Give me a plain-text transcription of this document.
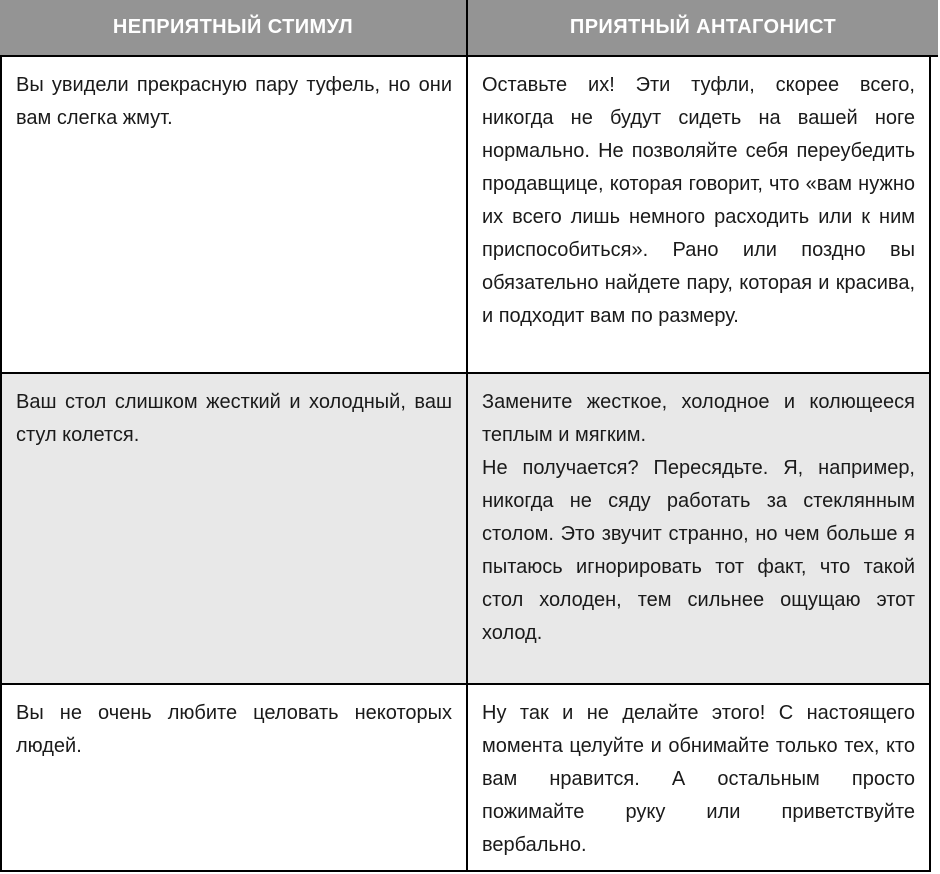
НЕПРИЯТНЫЙ СТИМУЛ	ПРИЯТНЫЙ АНТАГОНИСТ

Вы увидели прекрасную пару туфель, но они вам слегка жмут.

Оставьте их! Эти туфли, скорее всего, никогда не будут сидеть на вашей ноге нормально. Не позволяйте себя переубедить продавщице, которая говорит, что «вам нужно их всего лишь немного расходить или к ним приспособиться». Рано или поздно вы обязательно найдете пару, которая и красива, и подходит вам по размеру.

Ваш стол слишком жесткий и холодный, ваш стул колется.

Замените жесткое, холодное и колющееся теплым и мягким.

Не получается? Пересядьте. Я, например, никогда не сяду работать за стеклянным столом. Это звучит странно, но чем больше я пытаюсь игнорировать тот факт, что такой стол холоден, тем сильнее ощущаю этот холод.

Вы не очень любите целовать некоторых людей.

Ну так и не делайте этого! С настоящего момента целуйте и обнимайте только тех, кто вам нравится. А остальным просто пожимайте руку или приветствуйте вербально.
